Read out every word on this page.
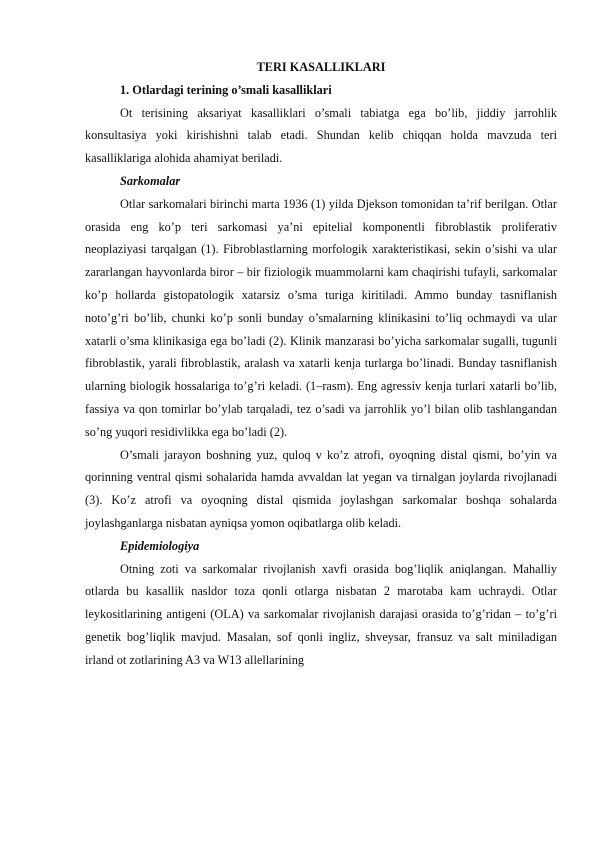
TERI KASALLIKLARI

1. Otlardagi terining o’smali kasalliklari

Ot terisining aksariyat kasalliklari o’smali tabiatga ega bo’lib, jiddiy jarrohlik konsultasiya yoki kirishishni talab etadi. Shundan kelib chiqqan holda mavzuda teri kasalliklariga alohida ahamiyat beriladi.

Sarkomalar

Otlar sarkomalari birinchi marta 1936 (1) yilda Djekson tomonidan ta’rif berilgan. Otlar orasida eng ko’p teri sarkomasi ya’ni epitelial komponentli fibroblastik proliferativ neoplaziyasi tarqalgan (1). Fibroblastlarning morfologik xarakteristikasi, sekin o’sishi va ular zararlangan hayvonlarda biror – bir fiziologik muammolarni kam chaqirishi tufayli, sarkomalar ko’p hollarda gistopatologik xatarsiz o’sma turiga kiritiladi. Ammo bunday tasniflanish noto’g’ri bo’lib, chunki ko’p sonli bunday o’smalarning klinikasini to’liq ochmaydi va ular xatarli o’sma klinikasiga ega bo’ladi (2). Klinik manzarasi bo’yicha sarkomalar sugalli, tugunli fibroblastik, yarali fibroblastik, aralash va xatarli kenja turlarga bo’linadi. Bunday tasniflanish ularning biologik hossalariga to’g’ri keladi. (1–rasm). Eng agressiv kenja turlari xatarli bo’lib, fassiya va qon tomirlar bo’ylab tarqaladi, tez o’sadi va jarrohlik yo’l bilan olib tashlangandan so’ng yuqori residivlikka ega bo’ladi (2).

O’smali jarayon boshning yuz, quloq v ko’z atrofi, oyoqning distal qismi, bo’yin va qorinning ventral qismi sohalarida hamda avvaldan lat yegan va tirnalgan joylarda rivojlanadi (3). Ko’z atrofi va oyoqning distal qismida joylashgan sarkomalar boshqa sohalarda joylashganlarga nisbatan ayniqsa yomon oqibatlarga olib keladi.

Epidemiologiya

Otning zoti va sarkomalar rivojlanish xavfi orasida bog’liqlik aniqlangan. Mahalliy otlarda bu kasallik nasldor toza qonli otlarga nisbatan 2 marotaba kam uchraydi. Otlar leykositlarining antigeni (OLA) va sarkomalar rivojlanish darajasi orasida to’g’ridan – to’g’ri genetik bog’liqlik mavjud. Masalan, sof qonli ingliz, shveysar, fransuz va salt miniladigan irland ot zotlarining A3 va W13 allellarining
